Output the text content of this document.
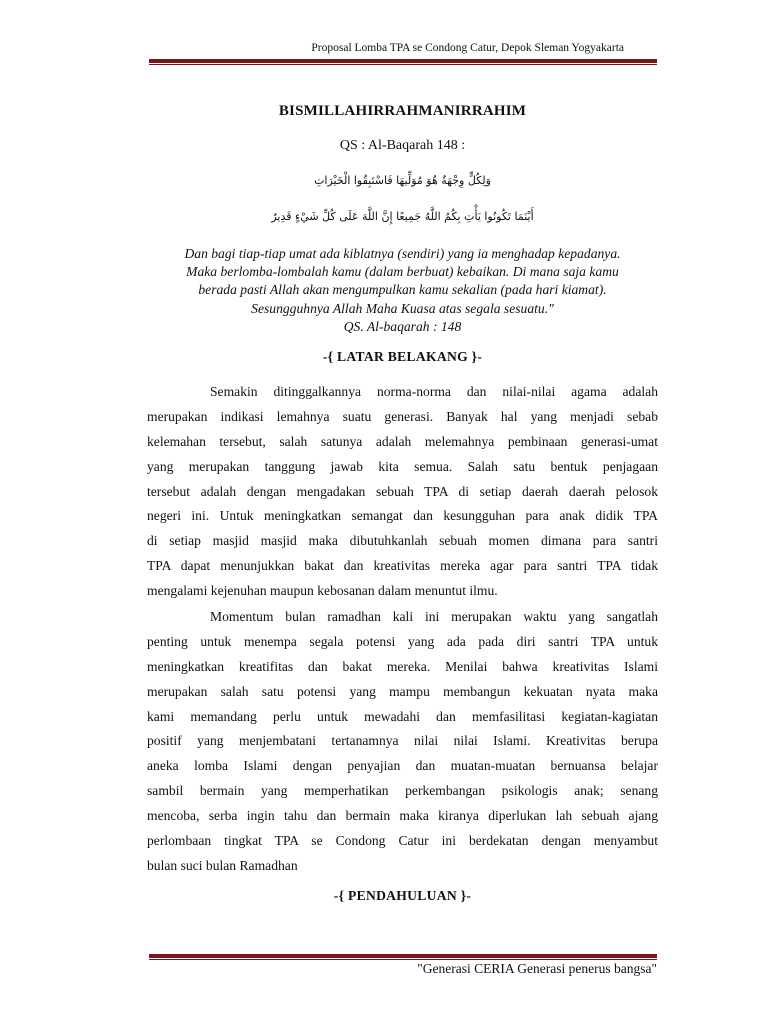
Proposal Lomba TPA se Condong Catur, Depok Sleman Yogyakarta
BISMILLAHIRRAHMANIRRAHIM
QS : Al-Baqarah 148 :
وَلِكُلٍّ وِجْهَةٌ هُوَ مُوَلِّيهَا فَاسْتَبِقُوا الْخَيْرَاتِ
أَيْنَمَا تَكُونُوا يَأْتِ بِكُمُ اللَّهُ جَمِيعًا إِنَّ اللَّهَ عَلَى كُلِّ شَيْءٍ قَدِيرٌ
Dan bagi tiap-tiap umat ada kiblatnya (sendiri) yang ia menghadap kepadanya.
Maka berlomba-lombalah kamu (dalam berbuat) kebaikan. Di mana saja kamu
berada pasti Allah akan mengumpulkan kamu sekalian (pada hari kiamat).
Sesungguhnya Allah Maha Kuasa atas segala sesuatu."
QS. Al-baqarah : 148
-{ LATAR BELAKANG }-
Semakin ditinggalkannya norma-norma dan nilai-nilai agama adalah
merupakan indikasi lemahnya suatu generasi. Banyak hal yang menjadi sebab
kelemahan tersebut, salah satunya adalah melemahnya pembinaan generasi-umat
yang merupakan tanggung jawab kita semua. Salah satu bentuk penjagaan
tersebut adalah dengan mengadakan sebuah TPA di setiap daerah daerah pelosok
negeri ini. Untuk meningkatkan semangat dan kesungguhan para anak didik TPA
di setiap masjid masjid maka dibutuhkanlah sebuah momen dimana para santri
TPA dapat menunjukkan bakat dan kreativitas mereka agar para santri TPA tidak
mengalami kejenuhan maupun kebosanan dalam menuntut ilmu.
Momentum bulan ramadhan kali ini merupakan waktu yang sangatlah
penting untuk menempa segala potensi yang ada pada diri santri TPA untuk
meningkatkan kreatifitas dan bakat mereka. Menilai bahwa kreativitas Islami
merupakan salah satu potensi yang mampu membangun kekuatan nyata maka
kami memandang perlu untuk mewadahi dan memfasilitasi kegiatan-kagiatan
positif yang menjembatani tertanamnya nilai nilai Islami. Kreativitas berupa
aneka lomba Islami dengan penyajian dan muatan-muatan bernuansa belajar
sambil bermain yang memperhatikan perkembangan psikologis anak; senang
mencoba, serba ingin tahu dan bermain maka kiranya diperlukan lah sebuah ajang
perlombaan tingkat TPA se Condong Catur ini berdekatan dengan menyambut
bulan suci bulan Ramadhan
-{ PENDAHULUAN }-
"Generasi CERIA Generasi penerus bangsa"
